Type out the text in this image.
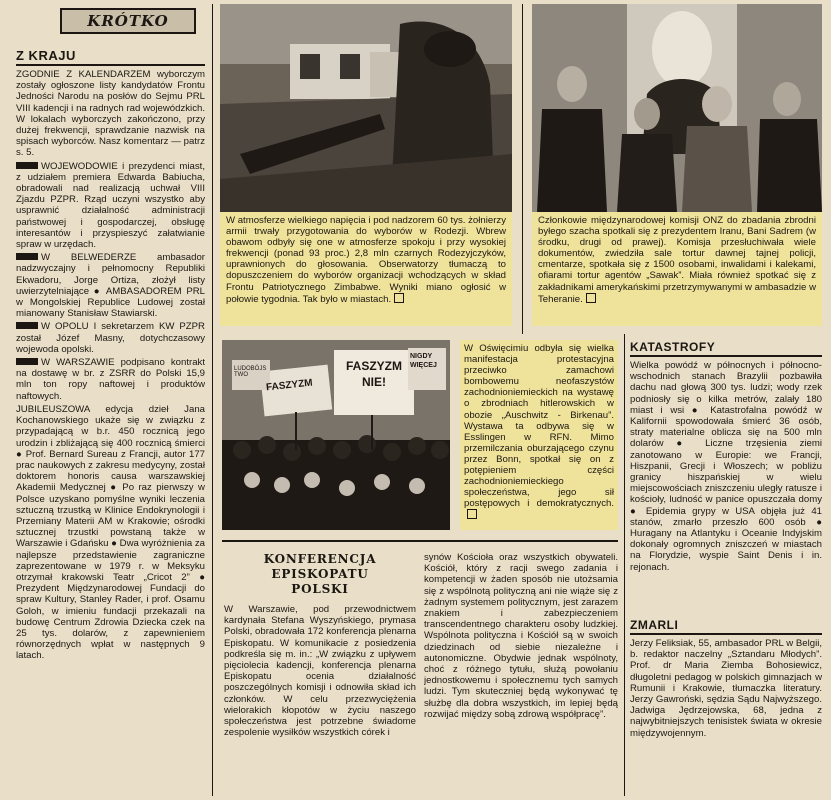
KRÓTKO
Z KRAJU

ZGODNIE Z KALENDARZEM wyborczym zostały ogłoszone listy kandydatów Frontu Jedności Narodu na posłów do Sejmu PRL VIII kadencji i na radnych rad wojewódzkich. W lokalach wyborczych zakończono, przy dużej frekwencji, sprawdzanie nazwisk na spisach wyborców. Nasz komentarz — patrz s. 5.

WOJEWODOWIE i prezydenci miast, z udziałem premiera Edwarda Babiucha, obradowali nad realizacją uchwał VIII Zjazdu PZPR. Rząd uczyni wszystko aby usprawnić działalność administracji państwowej i gospodarczej, obsługę interesantów i przyspieszyć załatwianie spraw w urzędach.

W BELWEDERZE ambasador nadzwyczajny i pełnomocny Republiki Ekwadoru, Jorge Ortiza, złożył listy uwierzytelniające ● AMBASADOREM PRL w Mongolskiej Republice Ludowej został mianowany Stanisław Stawiarski.

W OPOLU I sekretarzem KW PZPR został Józef Masny, dotychczasowy wojewoda opolski.

W WARSZAWIE podpisano kontrakt na dostawę w br. z ZSRR do Polski 15,9 mln ton ropy naftowej i produktów naftowych.

JUBILEUSZOWA edycja dzieł Jana Kochanowskiego ukaże się w związku z przypadającą w b.r. 450 rocznicą jego urodzin i zbliżającą się 400 rocznicą śmierci ● Prof. Bernard Sureau z Francji, autor 177 prac naukowych z zakresu medycyny, został doktorem honoris causa warszawskiej Akademii Medycznej ● Po raz pierwszy w Polsce uzyskano pomyślne wyniki leczenia sztuczną trzustką w Klinice Endokrynologii i Przemiany Materii AM w Krakowie; ośrodki sztucznej trzustki powstaną także w Warszawie i Gdańsku ● Dwa wyróżnienia za najlepsze przedstawienie zagraniczne zaprezentowane w 1979 r. w Meksyku otrzymał krakowski Teatr „Cricot 2” ● Prezydent Międzynarodowej Fundacji do spraw Kultury, Stanley Rader, i prof. Osamu Goloh, w imieniu fundacji przekazali na budowę Centrum Zdrowia Dziecka czek na 25 tys. dolarów, z zapewnieniem równorzędnych wpłat w następnych 9 latach.

W atmosferze wielkiego napięcia i pod nadzorem 60 tys. żołnierzy armii trwały przygotowania do wyborów w Rodezji. Wbrew obawom odbyły się one w atmosferze spokoju i przy wysokiej frekwencji (ponad 93 proc.) 2,8 mln czarnych Rodezyjczyków, uprawnionych do głosowania. Obserwatorzy tłumaczą to dopuszczeniem do wyborów organizacji wchodzących w skład Frontu Patriotycznego Zimbabwe. Wyniki miano ogłosić w połowie tygodnia. Tak było w miastach.
Członkowie międzynarodowej komisji ONZ do zbadania zbrodni byłego szacha spotkali się z prezydentem Iranu, Bani Sadrem (w środku, drugi od prawej). Komisja przesłuchiwała wiele dokumentów, zwiedziła sale tortur dawnej tajnej policji, cmentarze, spotkała się z 1500 osobami, inwalidami i kalekami, ofiarami tortur agentów „Sawak”. Miała również spotkać się z zakładnikami amerykańskimi przetrzymywanymi w ambasadzie w Teheranie.
FASZYZM
FASZYZM NIE!
LUDOBÓJSTWO
NIGDY WIĘCEJ
W Oświęcimiu odbyła się wielka manifestacja protestacyjna przeciwko zamachowi bombowemu neofaszystów zachodnioniemieckich na wystawę o zbrodniach hitlerowskich w obozie „Auschwitz - Birkenau”. Wystawa ta odbywa się w Esslingen w RFN. Mimo przemilczania oburzającego czynu przez Bonn, spotkał się on z potępieniem części zachodnioniemieckiego społeczeństwa, jego sił postępowych i demokratycznych.
KONFERENCJA
EPISKOPATU
POLSKI

W Warszawie, pod przewodnictwem kardynała Stefana Wyszyńskiego, prymasa Polski, obradowała 172 konferencja plenarna Episkopatu. W komunikacie z posiedzenia podkreśla się m. in.: „W związku z upływem pięciolecia kadencji, konferencja plenarna Episkopatu ocenia działalność poszczególnych komisji i odnowiła skład ich członków. W celu przezwyciężenia wielorakich kłopotów w życiu naszego społeczeństwa jest potrzebne świadome zespolenie wysiłków wszystkich córek i

synów Kościoła oraz wszystkich obywateli. Kościół, który z racji swego zadania i kompetencji w żaden sposób nie utożsamia się z wspólnotą polityczną ani nie wiąże się z żadnym systemem politycznym, jest zarazem znakiem i zabezpieczeniem transcendentnego charakteru osoby ludzkiej. Wspólnota polityczna i Kościół są w swoich dziedzinach od siebie niezależne i autonomiczne. Obydwie jednak wspólnoty, choć z różnego tytułu, służą powołaniu jednostkowemu i społecznemu tych samych ludzi. Tym skuteczniej będą wykonywać tę służbę dla dobra wszystkich, im lepiej będą rozwijać między sobą zdrową współpracę”.

KATASTROFY

Wielka powódź w północnych i północno-wschodnich stanach Brazylii pozbawiła dachu nad głową 300 tys. ludzi; wody rzek podniosły się o kilka metrów, zalały 180 miast i wsi ● Katastrofalna powódź w Kalifornii spowodowała śmierć 36 osób, straty materialne oblicza się na 500 mln dolarów ● Liczne trzęsienia ziemi zanotowano w Europie: we Francji, Hiszpanii, Grecji i Włoszech; w pobliżu granicy hiszpańskiej w wielu miejscowościach zniszczeniu uległy ratusze i kościoły, ludność w panice opuszczała domy ● Epidemia grypy w USA objęła już 41 stanów, zmarło przeszło 600 osób ● Huragany na Atlantyku i Oceanie Indyjskim dokonały ogromnych zniszczeń w miastach na Florydzie, wyspie Saint Denis i in. rejonach.

ZMARLI

Jerzy Feliksiak, 55, ambasador PRL w Belgii, b. redaktor naczelny „Sztandaru Młodych”. Prof. dr Maria Ziemba Bohosiewicz, długoletni pedagog w polskich gimnazjach w Rumunii i Krakowie, tłumaczka literatury. Jerzy Gawroński, sędzia Sądu Najwyższego. Jadwiga Jędrzejowska, 68, jedna z najwybitniejszych tenisistek świata w okresie międzywojennym.
